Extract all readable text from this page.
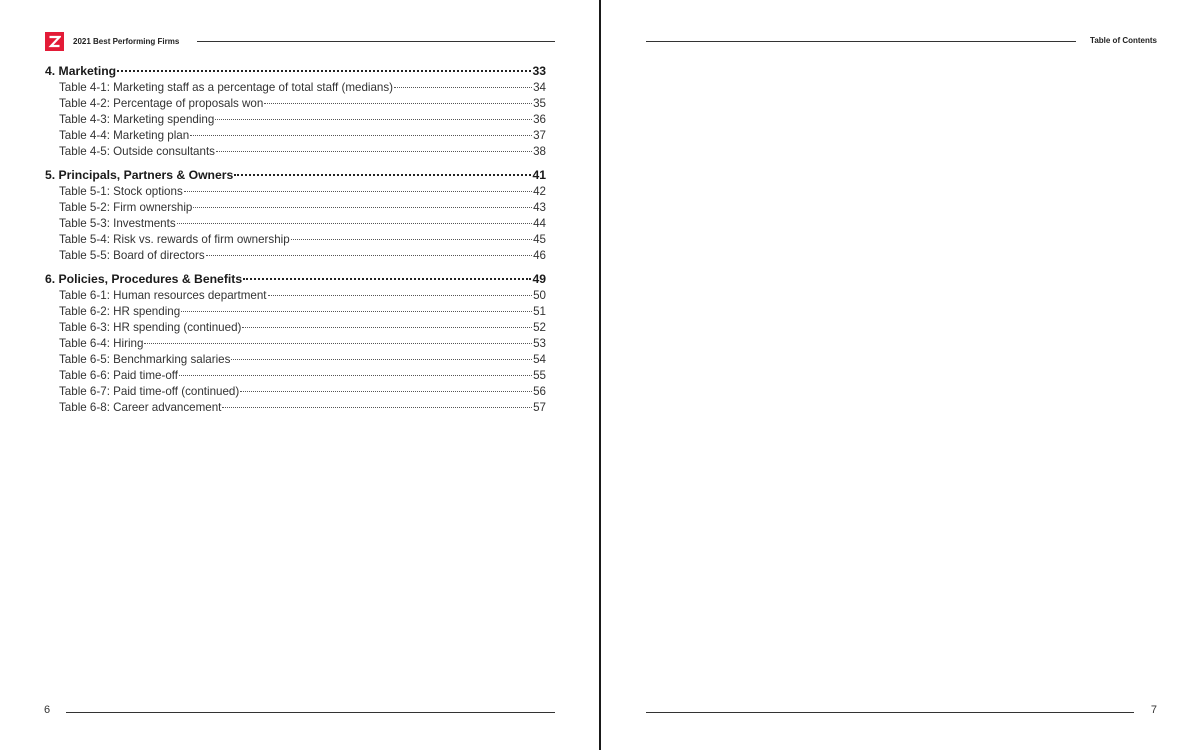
2021 Best Performing Firms
4. Marketing	33
Table 4-1: Marketing staff as a percentage of total staff (medians)	34
Table 4-2: Percentage of proposals won	35
Table 4-3: Marketing spending	36
Table 4-4: Marketing plan	37
Table 4-5: Outside consultants	38
5. Principals, Partners & Owners	41
Table 5-1: Stock options	42
Table 5-2: Firm ownership	43
Table 5-3: Investments	44
Table 5-4: Risk vs. rewards of firm ownership	45
Table 5-5: Board of directors	46
6. Policies, Procedures & Benefits	49
Table 6-1: Human resources department	50
Table 6-2: HR spending	51
Table 6-3: HR spending (continued)	52
Table 6-4: Hiring	53
Table 6-5: Benchmarking salaries	54
Table 6-6: Paid time-off	55
Table 6-7: Paid time-off (continued)	56
Table 6-8: Career advancement	57
6
Table of Contents
7
